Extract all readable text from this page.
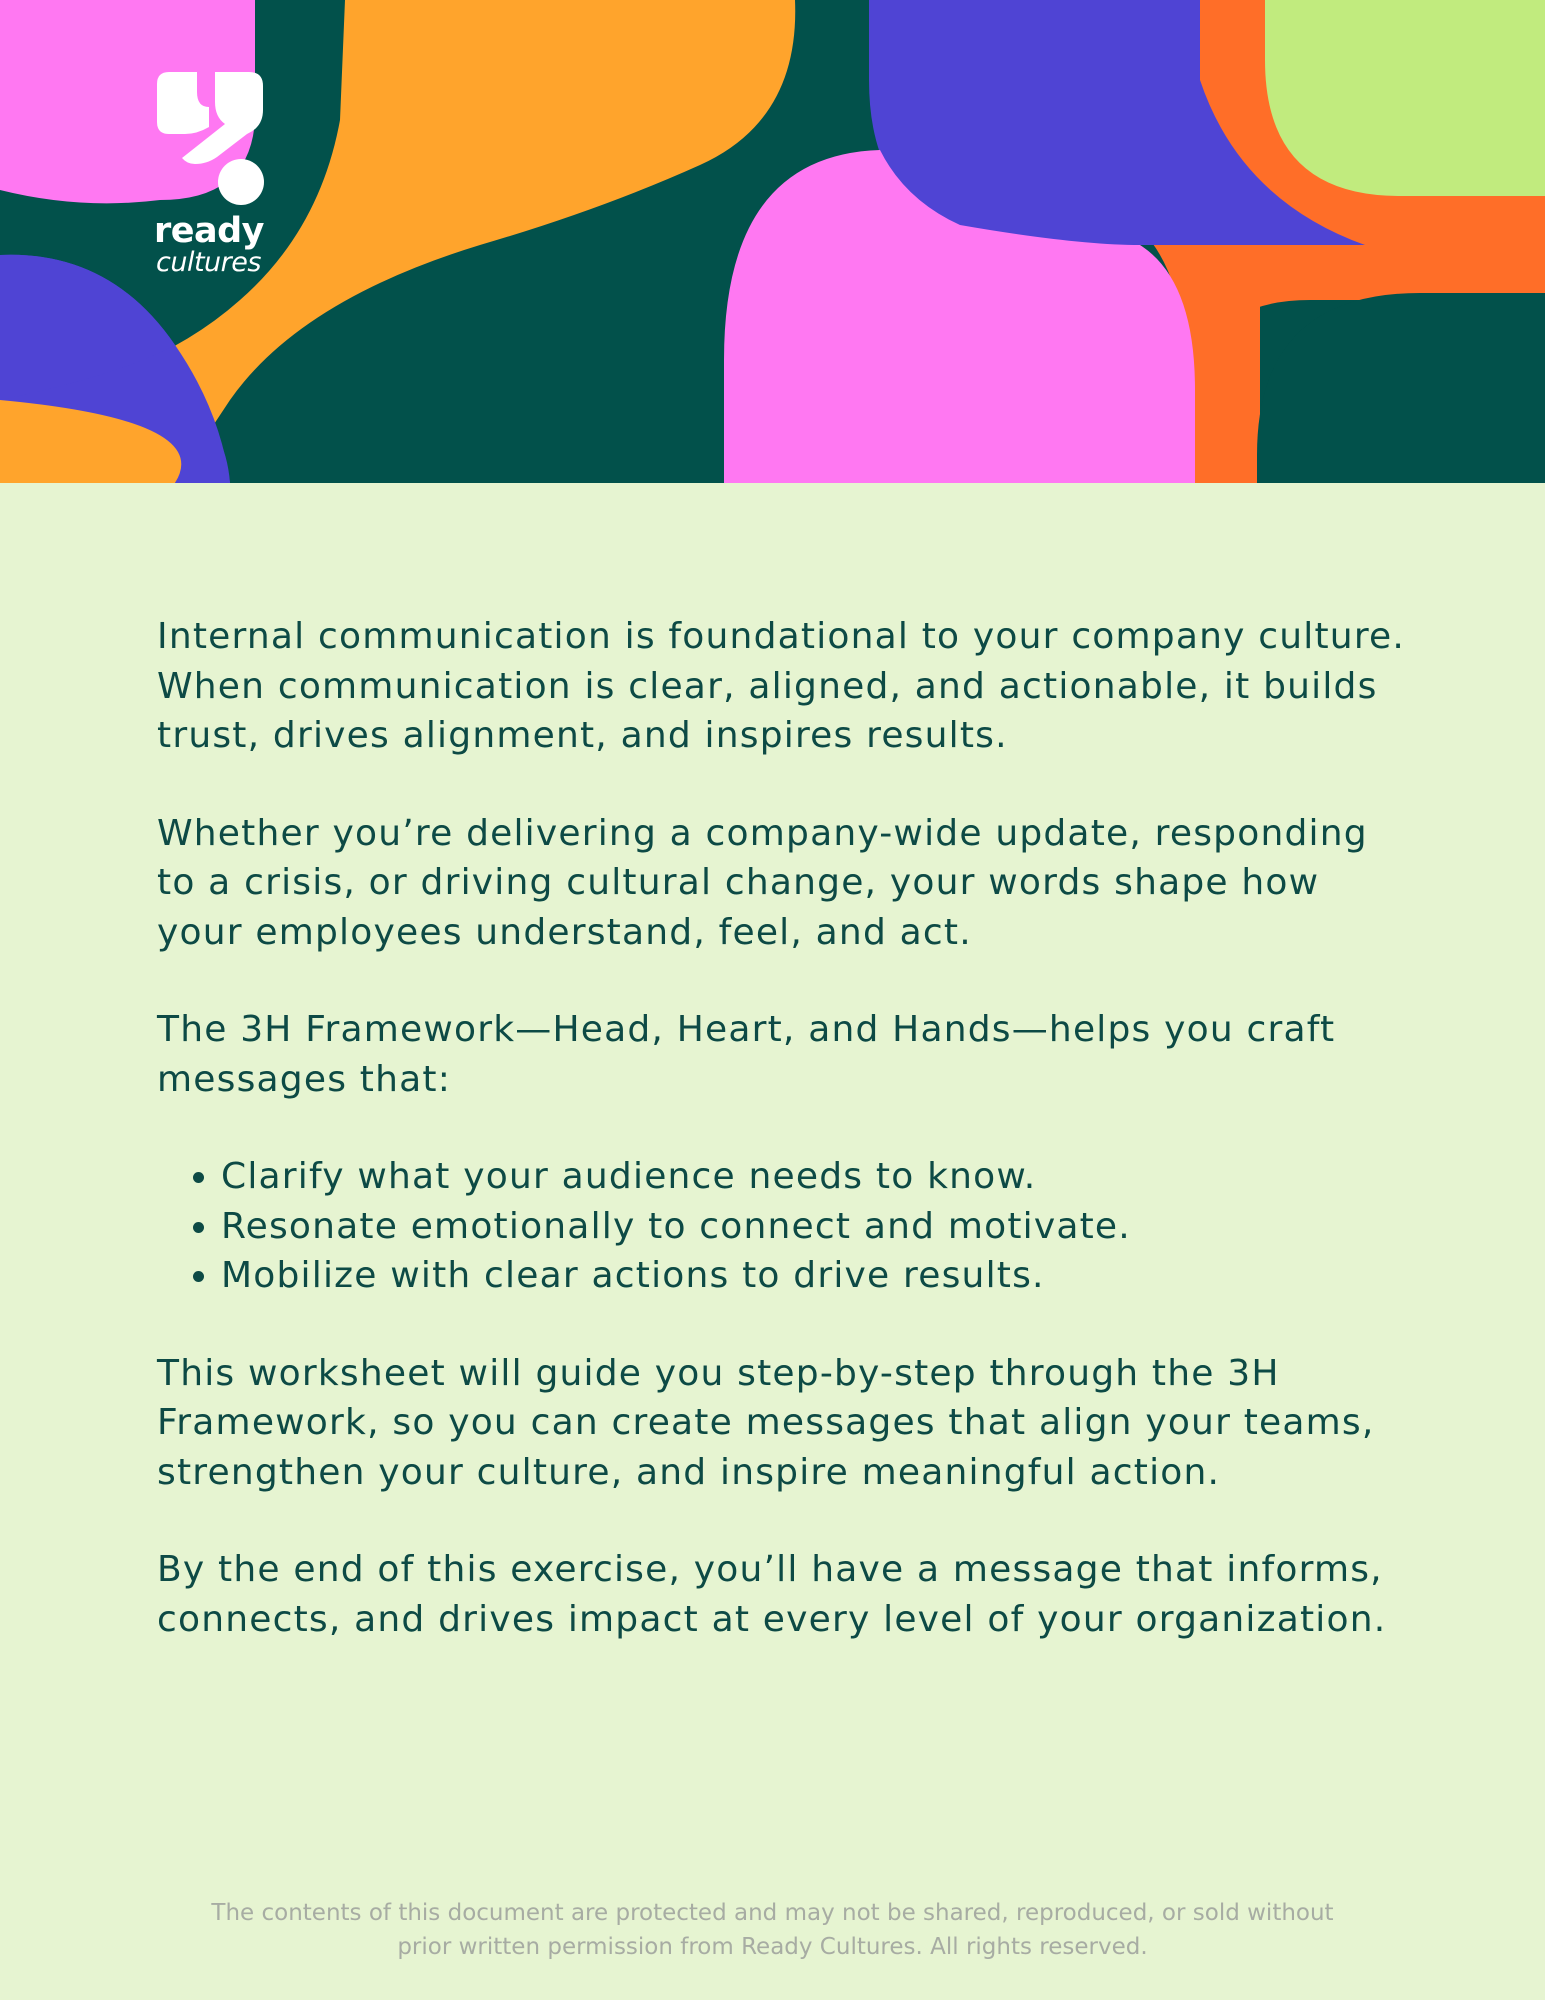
ready
cultures

Internal communication is foundational to your company culture. When communication is clear, aligned, and actionable, it builds trust, drives alignment, and inspires results.

Whether you’re delivering a company-wide update, responding to a crisis, or driving cultural change, your words shape how your employees understand, feel, and act.

The 3H Framework—Head, Heart, and Hands—helps you craft messages that:

• Clarify what your audience needs to know.
• Resonate emotionally to connect and motivate.
• Mobilize with clear actions to drive results.

This worksheet will guide you step-by-step through the 3H Framework, so you can create messages that align your teams, strengthen your culture, and inspire meaningful action.

By the end of this exercise, you’ll have a message that informs, connects, and drives impact at every level of your organization.

The contents of this document are protected and may not be shared, reproduced, or sold without
prior written permission from Ready Cultures. All rights reserved.
